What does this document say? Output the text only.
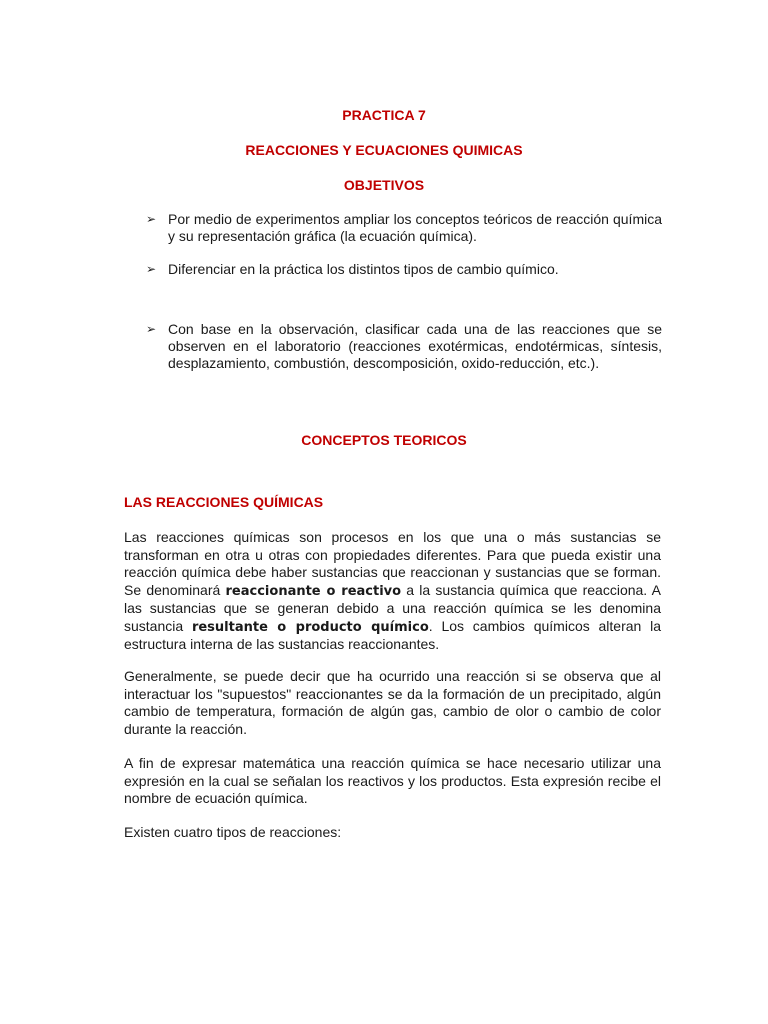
PRACTICA 7
REACCIONES Y ECUACIONES QUIMICAS
OBJETIVOS
➢ Por medio de experimentos ampliar los conceptos teóricos de reacción química y su representación gráfica (la ecuación química).
➢ Diferenciar en la práctica los distintos tipos de cambio químico.
➢ Con base en la observación, clasificar cada una de las reacciones que se observen en el laboratorio (reacciones exotérmicas, endotérmicas, síntesis, desplazamiento, combustión, descomposición, oxido-reducción, etc.).
CONCEPTOS TEORICOS
LAS REACCIONES QUÍMICAS
Las reacciones químicas son procesos en los que una o más sustancias se transforman en otra u otras con propiedades diferentes. Para que pueda existir una reacción química debe haber sustancias que reaccionan y sustancias que se forman. Se denominará reaccionante o reactivo a la sustancia química que reacciona. A las sustancias que se generan debido a una reacción química se les denomina sustancia resultante o producto químico. Los cambios químicos alteran la estructura interna de las sustancias reaccionantes.
Generalmente, se puede decir que ha ocurrido una reacción si se observa que al interactuar los "supuestos" reaccionantes se da la formación de un precipitado, algún cambio de temperatura, formación de algún gas, cambio de olor o cambio de color durante la reacción.
A fin de expresar matemática una reacción química se hace necesario utilizar una expresión en la cual se señalan los reactivos y los productos. Esta expresión recibe el nombre de ecuación química.
Existen cuatro tipos de reacciones:
